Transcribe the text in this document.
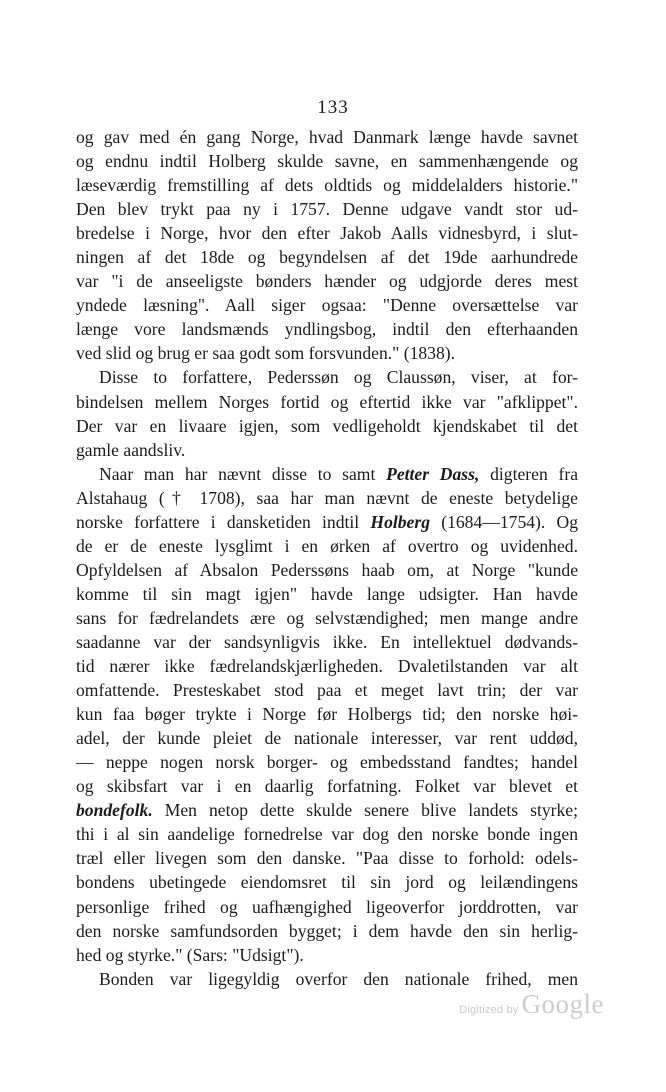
133
og gav med én gang Norge, hvad Danmark længe havde savnet
og endnu indtil Holberg skulde savne, en sammenhængende og
læseværdig fremstilling af dets oldtids og middelalders historie."
Den blev trykt paa ny i 1757. Denne udgave vandt stor ud-
bredelse i Norge, hvor den efter Jakob Aalls vidnesbyrd, i slut-
ningen af det 18de og begyndelsen af det 19de aarhundrede
var "i de anseeligste bønders hænder og udgjorde deres mest
yndede læsning". Aall siger ogsaa: "Denne oversættelse var
længe vore landsmænds yndlingsbog, indtil den efterhaanden
ved slid og brug er saa godt som forsvunden." (1838).
Disse to forfattere, Pederssøn og Claussøn, viser, at for-
bindelsen mellem Norges fortid og eftertid ikke var "afklippet".
Der var en livaare igjen, som vedligeholdt kjendskabet til det
gamle aandsliv.
Naar man har nævnt disse to samt Petter Dass, digteren fra
Alstahaug († 1708), saa har man nævnt de eneste betydelige
norske forfattere i dansketiden indtil Holberg (1684—1754). Og
de er de eneste lysglimt i en ørken af overtro og uvidenhed.
Opfyldelsen af Absalon Pederssøns haab om, at Norge "kunde
komme til sin magt igjen" havde lange udsigter. Han havde
sans for fædrelandets ære og selvstændighed; men mange andre
saadanne var der sandsynligvis ikke. En intellektuel dødvands-
tid nærer ikke fædrelandskjærligheden. Dvaletilstanden var alt
omfattende. Presteskabet stod paa et meget lavt trin; der var
kun faa bøger trykte i Norge før Holbergs tid; den norske høi-
adel, der kunde pleiet de nationale interesser, var rent uddød,
— neppe nogen norsk borger- og embedsstand fandtes; handel
og skibsfart var i en daarlig forfatning. Folket var blevet et
bondefolk. Men netop dette skulde senere blive landets styrke;
thi i al sin aandelige fornedrelse var dog den norske bonde ingen
træl eller livegen som den danske. "Paa disse to forhold: odels-
bondens ubetingede eiendomsret til sin jord og leilændingens
personlige frihed og uafhængighed ligeoverfor jorddrotten, var
den norske samfundsorden bygget; i dem havde den sin herlig-
hed og styrke." (Sars: "Udsigt").
Bonden var ligegyldig overfor den nationale frihed, men
Digitized by Google
